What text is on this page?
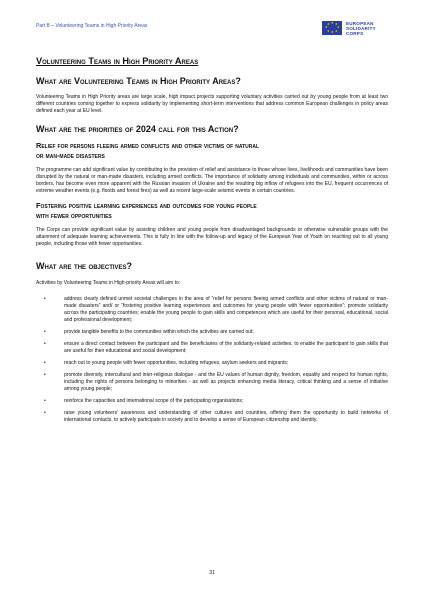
Part B – Volunteering Teams in High Priority Areas	★ ★
★
★
★
★
★
★	EUROPEAN
SOLIDARITY
CORPS
Volunteering Teams in High Priority Areas
What are Volunteering Teams in High Priority Areas?

Volunteering Teams in High Priority areas are large scale, high impact projects supporting voluntary activities carried out by young people from at least two different countries coming together to express solidarity by implementing short-term interventions that address common European challenges in policy areas defined each year at EU level.

What are the priorities of 2024 call for this Action?
Relief for persons fleeing armed conflicts and other victims of natural
or man-made disasters

The programme can add significant value by contributing to the provision of relief and assistance to those whose lives, livelihoods and communities have been disrupted by the natural or man-made disasters, including armed conflicts. The importance of solidarity among individuals and communities, within or across borders, has become even more apparent with the Russian invasion of Ukraine and the resulting big inflow of refugees into the EU, frequent occurrences of extreme weather events (e.g. floods and forest fires) as well as recent large-scale seismic events in certain countries.

Fostering positive learning experiences and outcomes for young people
with fewer opportunities

The Corps can provide significant value by assisting children and young people from disadvantaged backgrounds or otherwise vulnerable groups with the attainment of adequate learning achievements. This is fully in line with the follow-up and legacy of the European Year of Youth on reaching out to all young people, including those with fewer opportunities.

What are the objectives?

Activities by Volunteering Teams in High-priority Areas will aim to:

•	address clearly defined unmet societal challenges in the area of “relief for persons fleeing armed conflicts and other victims of natural or man-made disasters” and/ or “fostering positive learning experiences and outcomes for young people with fewer opportunities”; promote solidarity across the participating countries; enable the young people to gain skills and competences which are useful for their personal, educational, social and professional development;
•	provide tangible benefits to the communities within which the activities are carried out;
•	ensure a direct contact between the participant and the beneficiaries of the solidarity-related activities, to enable the participant to gain skills that are useful for their educational and social development;
•	reach out to young people with fewer opportunities, including refugees, asylum seekers and migrants;
•	promote diversity, intercultural and inter-religious dialogue - and the EU values of human dignity, freedom, equality and respect for human rights, including the rights of persons belonging to minorities - as well as projects enhancing media literacy, critical thinking and a sense of initiative among young people;
•	reinforce the capacities and international scope of the participating organisations;
•	raise young volunteers' awareness and understanding of other cultures and countries, offering them the opportunity to build networks of international contacts, to actively participate in society and to develop a sense of European citizenship and identity.
31
